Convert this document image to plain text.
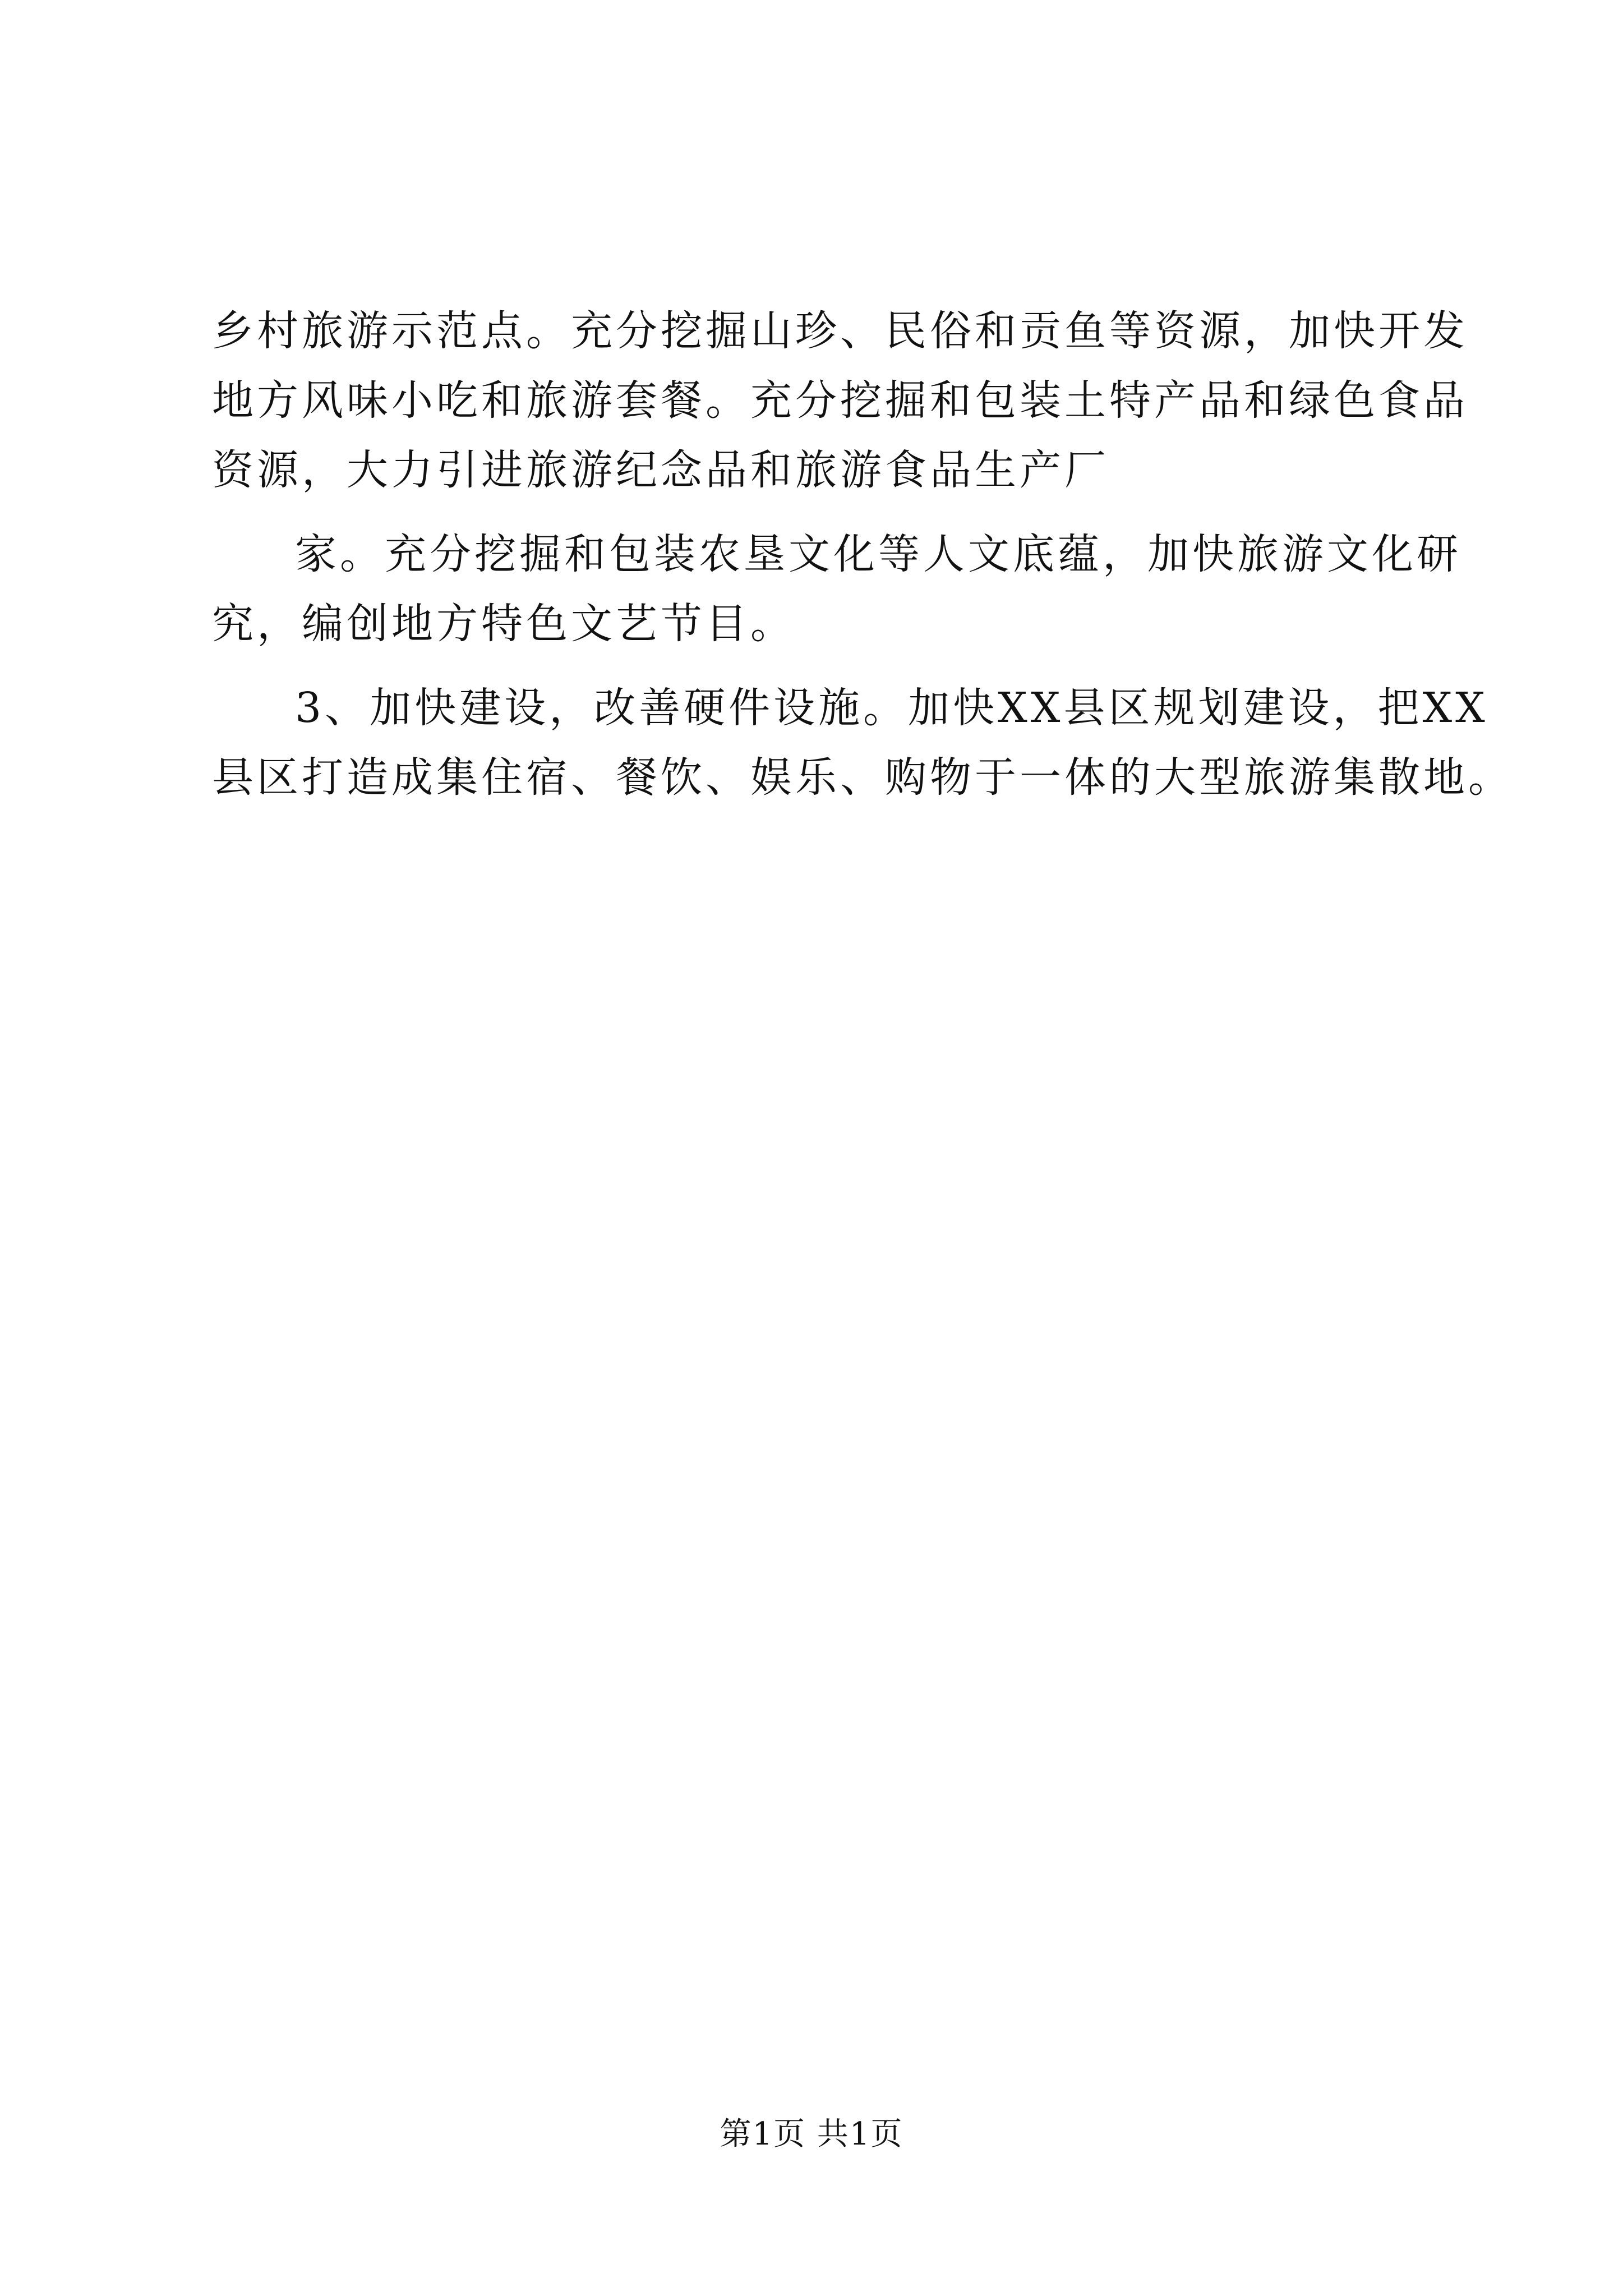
乡村旅游示范点。充分挖掘山珍、民俗和贡鱼等资源，加快开发

地方风味小吃和旅游套餐。充分挖掘和包装土特产品和绿色食品

资源，大力引进旅游纪念品和旅游食品生产厂

家。充分挖掘和包装农垦文化等人文底蕴，加快旅游文化研

究，编创地方特色文艺节目。

3、加快建设，改善硬件设施。加快XX县区规划建设，把XX

县区打造成集住宿、餐饮、娱乐、购物于一体的大型旅游集散地。

第1页 共1页
